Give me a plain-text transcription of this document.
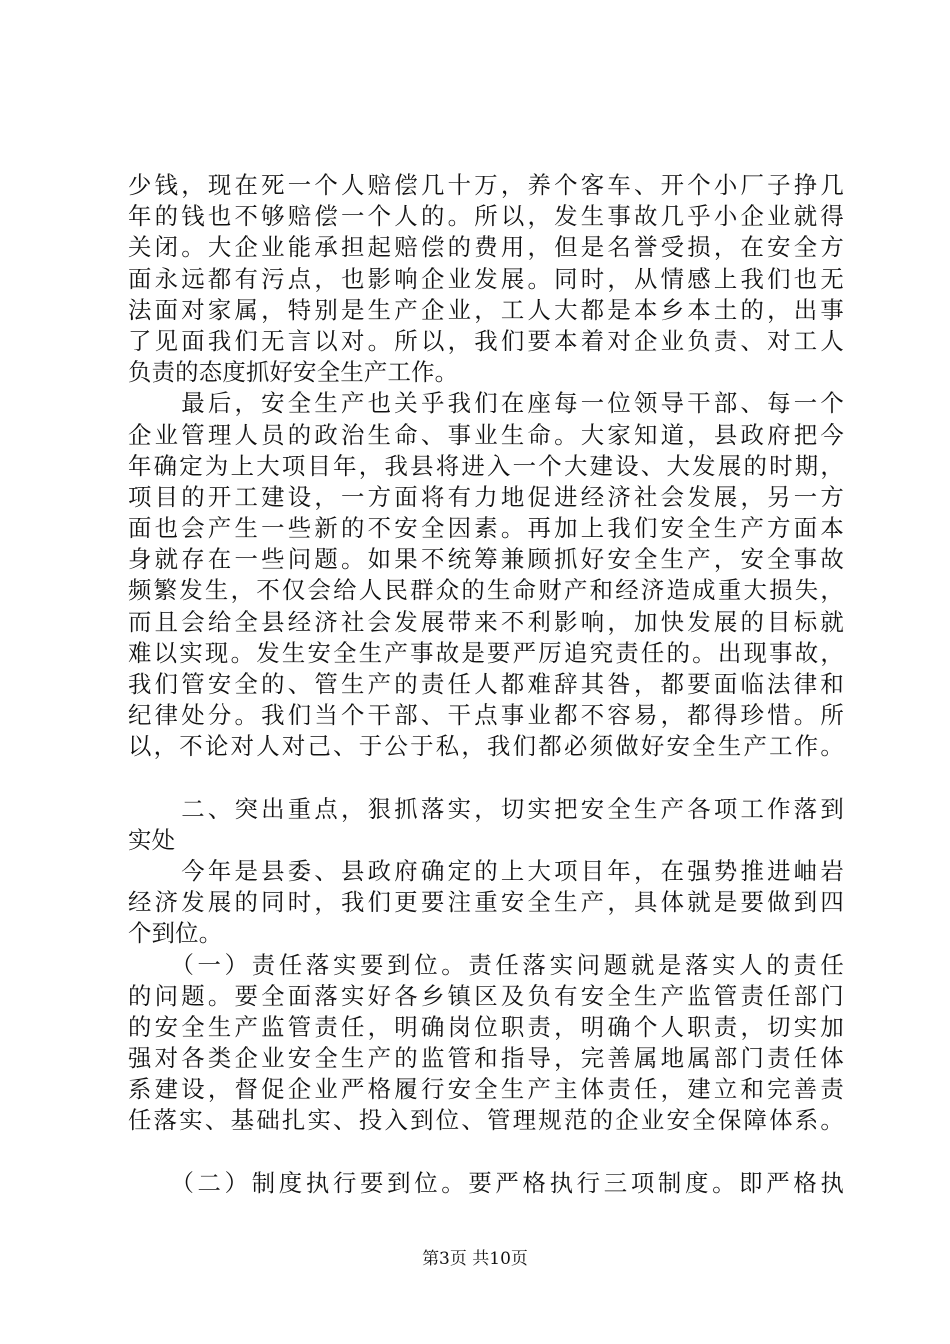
少钱，现在死一个人赔偿几十万，养个客车、开个小厂子挣几
年的钱也不够赔偿一个人的。所以，发生事故几乎小企业就得
关闭。大企业能承担起赔偿的费用，但是名誉受损，在安全方
面永远都有污点，也影响企业发展。同时，从情感上我们也无
法面对家属，特别是生产企业，工人大都是本乡本土的，出事
了见面我们无言以对。所以，我们要本着对企业负责、对工人
负责的态度抓好安全生产工作。
　　最后，安全生产也关乎我们在座每一位领导干部、每一个
企业管理人员的政治生命、事业生命。大家知道，县政府把今
年确定为上大项目年，我县将进入一个大建设、大发展的时期，
项目的开工建设，一方面将有力地促进经济社会发展，另一方
面也会产生一些新的不安全因素。再加上我们安全生产方面本
身就存在一些问题。如果不统筹兼顾抓好安全生产，安全事故
频繁发生，不仅会给人民群众的生命财产和经济造成重大损失，
而且会给全县经济社会发展带来不利影响，加快发展的目标就
难以实现。发生安全生产事故是要严厉追究责任的。出现事故，
我们管安全的、管生产的责任人都难辞其咎，都要面临法律和
纪律处分。我们当个干部、干点事业都不容易，都得珍惜。所
以，不论对人对己、于公于私，我们都必须做好安全生产工作。
　　二、突出重点，狠抓落实，切实把安全生产各项工作落到
实处
　　今年是县委、县政府确定的上大项目年，在强势推进岫岩
经济发展的同时，我们更要注重安全生产，具体就是要做到四
个到位。
　　（一）责任落实要到位。责任落实问题就是落实人的责任
的问题。要全面落实好各乡镇区及负有安全生产监管责任部门
的安全生产监管责任，明确岗位职责，明确个人职责，切实加
强对各类企业安全生产的监管和指导，完善属地属部门责任体
系建设，督促企业严格履行安全生产主体责任，建立和完善责
任落实、基础扎实、投入到位、管理规范的企业安全保障体系。
　　（二）制度执行要到位。要严格执行三项制度。即严格执
第3页 共10页
